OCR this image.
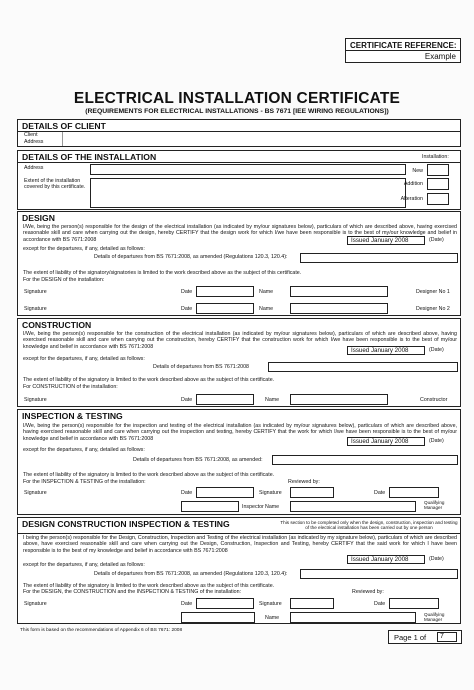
CERTIFICATE REFERENCE:
Example
ELECTRICAL INSTALLATION CERTIFICATE
(REQUIREMENTS FOR ELECTRICAL INSTALLATIONS - BS 7671 [IEE WIRING REGULATIONS])
DETAILS OF CLIENT
Client
Address
DETAILS OF THE INSTALLATION	Installation:
Address
Extent of the installation covered by this certificate.
New
Addition
Alteration
DESIGN
I/We, being the person(s) responsible for the design of the electrical installation (as indicated by my/our signatures below), particulars of which are described above, having exercised reasonable skill and care when carrying out the design, hereby CERTIFY that the design work for which I/we have been responsible is to the best of my/our knowledge and belief in accordance with BS 7671:2008	Issued January 2008	(Date)
except for the departures, if any, detailed as follows:
Details of departures from BS 7671:2008, as amended (Regulations 120.3, 120.4):
The extent of liability of the signatory/signatories is limited to the work described above as the subject of this certificate.
For the DESIGN of the installation:
Signature	Date	Name	Designer No 1
Signature	Date	Name	Designer No 2
CONSTRUCTION
I/We, being the person(s) responsible for the construction of the electrical installation (as indicated by my/our signatures below), particulars of which are described above, having exercised reasonable skill and care when carrying out the construction, hereby CERTIFY that the construction work for which I/we have been responsible is to the best of my/our knowledge and belief in accordance with BS 7671:2008
Issued January 2008	(Date)
except for the departures, if any, detailed as follows:
Details of departures from BS 7671:2008
The extent of liability of the signatory is limited to the work described above as the subject of this certificate.
For CONSTRUCTION of the installation:
Signature	Date	Name	Constructor
INSPECTION & TESTING
I/We, being the person(s) responsible for the inspection and testing of the electrical installation (as indicated by my/our signatures below), particulars of which are described above, having exercised reasonable skill and care when carrying out the inspection and testing, hereby CERTIFY that the work for which I/we have been responsible is to the best of my/our knowledge and belief in accordance with BS 7671:2008	Issued January 2008	(Date)
except for the departures, if any, detailed as follows:
Details of departures from BS 7671:2008, as amended:
The extent of liability of the signatory is limited to the work described above as the subject of this certificate.
For the INSPECTION & TESTING of the installation:	Reviewed by:
Signature	Date	Signature	Date
Inspector Name
Qualifying Manager
DESIGN CONSTRUCTION INSPECTION & TESTING	This section to be completed only when the design, construction, inspection and testing of the electrical installation has been carried out by one person
I being the person(s) responsible for the Design, Construction, Inspection and Testing of the electrical installation (as indicated by my signature below), particulars of which are described above, have exercised reasonable skill and care when carrying out the Design, Construction, Inspection and Testing, hereby CERTIFY that the said work for which I have been responsible is to the best of my knowledge and belief in accordance with BS 7671:2008
Issued January 2008	(Date)
except for the departures, if any, detailed as follows:
Details of departures from BS 7671:2008, as amended (Regulations 120.3, 120.4):
The extent of liability of the signatory is limited to the work described above as the subject of this certificate.
For the DESIGN, the CONSTRUCTION and the INSPECTION & TESTING of the installation:	Reviewed by:
Signature	Date	Signature	Date
Name
Qualifying Manager
This form is based on the recommendations of Appendix 6 of BS 7671: 2008
Page 1 of	7
